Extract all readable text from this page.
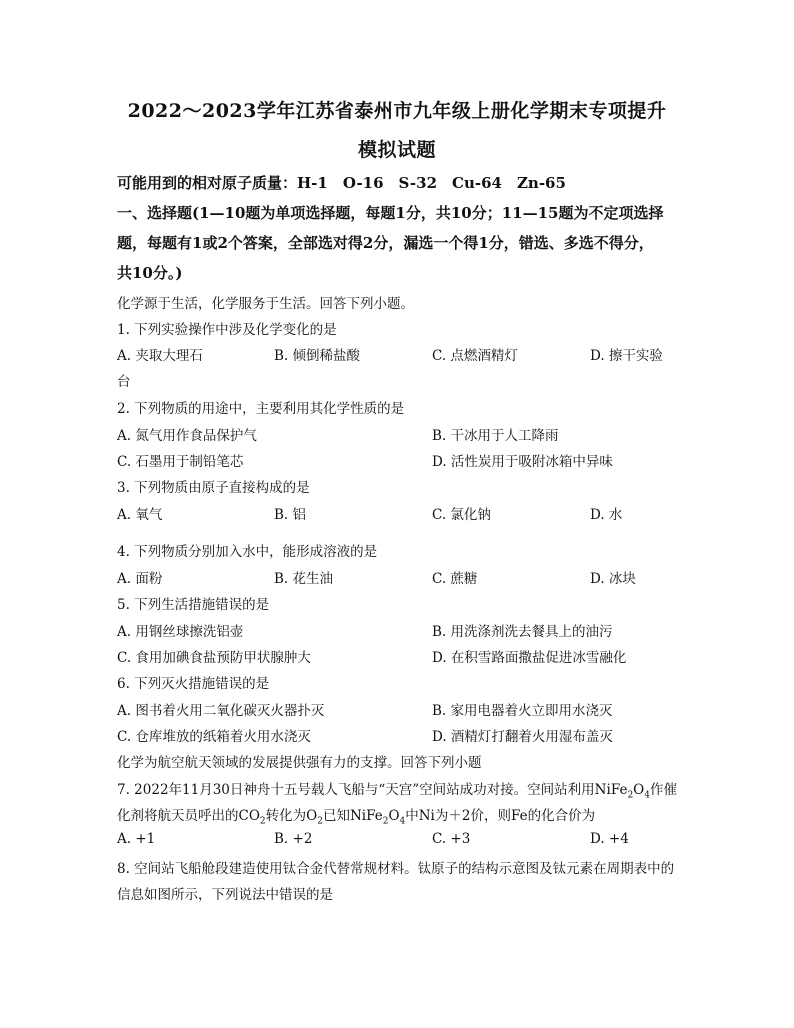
2022～2023学年江苏省泰州市九年级上册化学期末专项提升
模拟试题
可能用到的相对原子质量：H-1　O-16　S-32　Cu-64　Zn-65
一、选择题(1—10题为单项选择题，每题1分，共10分；11—15题为不定项选择
题，每题有1或2个答案，全部选对得2分，漏选一个得1分，错选、多选不得分，
共10分。)
化学源于生活，化学服务于生活。回答下列小题。
1. 下列实验操作中涉及化学变化的是
A. 夹取大理石	B. 倾倒稀盐酸	C. 点燃酒精灯	D. 擦干实验
台
2. 下列物质的用途中，主要利用其化学性质的是
A. 氮气用作食品保护气	B. 干冰用于人工降雨
C. 石墨用于制铅笔芯	D. 活性炭用于吸附冰箱中异味
3. 下列物质由原子直接构成的是
A. 氧气	B. 铝	C. 氯化钠	D. 水
4. 下列物质分别加入水中，能形成溶液的是
A. 面粉	B. 花生油	C. 蔗糖	D. 冰块
5. 下列生活措施错误的是
A. 用钢丝球擦洗铝壶	B. 用洗涤剂洗去餐具上的油污
C. 食用加碘食盐预防甲状腺肿大	D. 在积雪路面撒盐促进冰雪融化
6. 下列灭火措施错误的是
A. 图书着火用二氧化碳灭火器扑灭	B. 家用电器着火立即用水浇灭
C. 仓库堆放的纸箱着火用水浇灭	D. 酒精灯打翻着火用湿布盖灭
化学为航空航天领域的发展提供强有力的支撑。回答下列小题
7. 2022年11月30日神舟十五号载人飞船与“天宫”空间站成功对接。空间站利用$NiFe_2O_4$作催
化剂将航天员呼出的$CO_2$转化为$O_2$已知$NiFe_2O_4$中Ni为＋2价，则Fe的化合价为
A. +1	B. +2	C. +3	D. +4
8. 空间站飞船舱段建造使用钛合金代替常规材料。钛原子的结构示意图及钛元素在周期表中的
信息如图所示，下列说法中错误的是
